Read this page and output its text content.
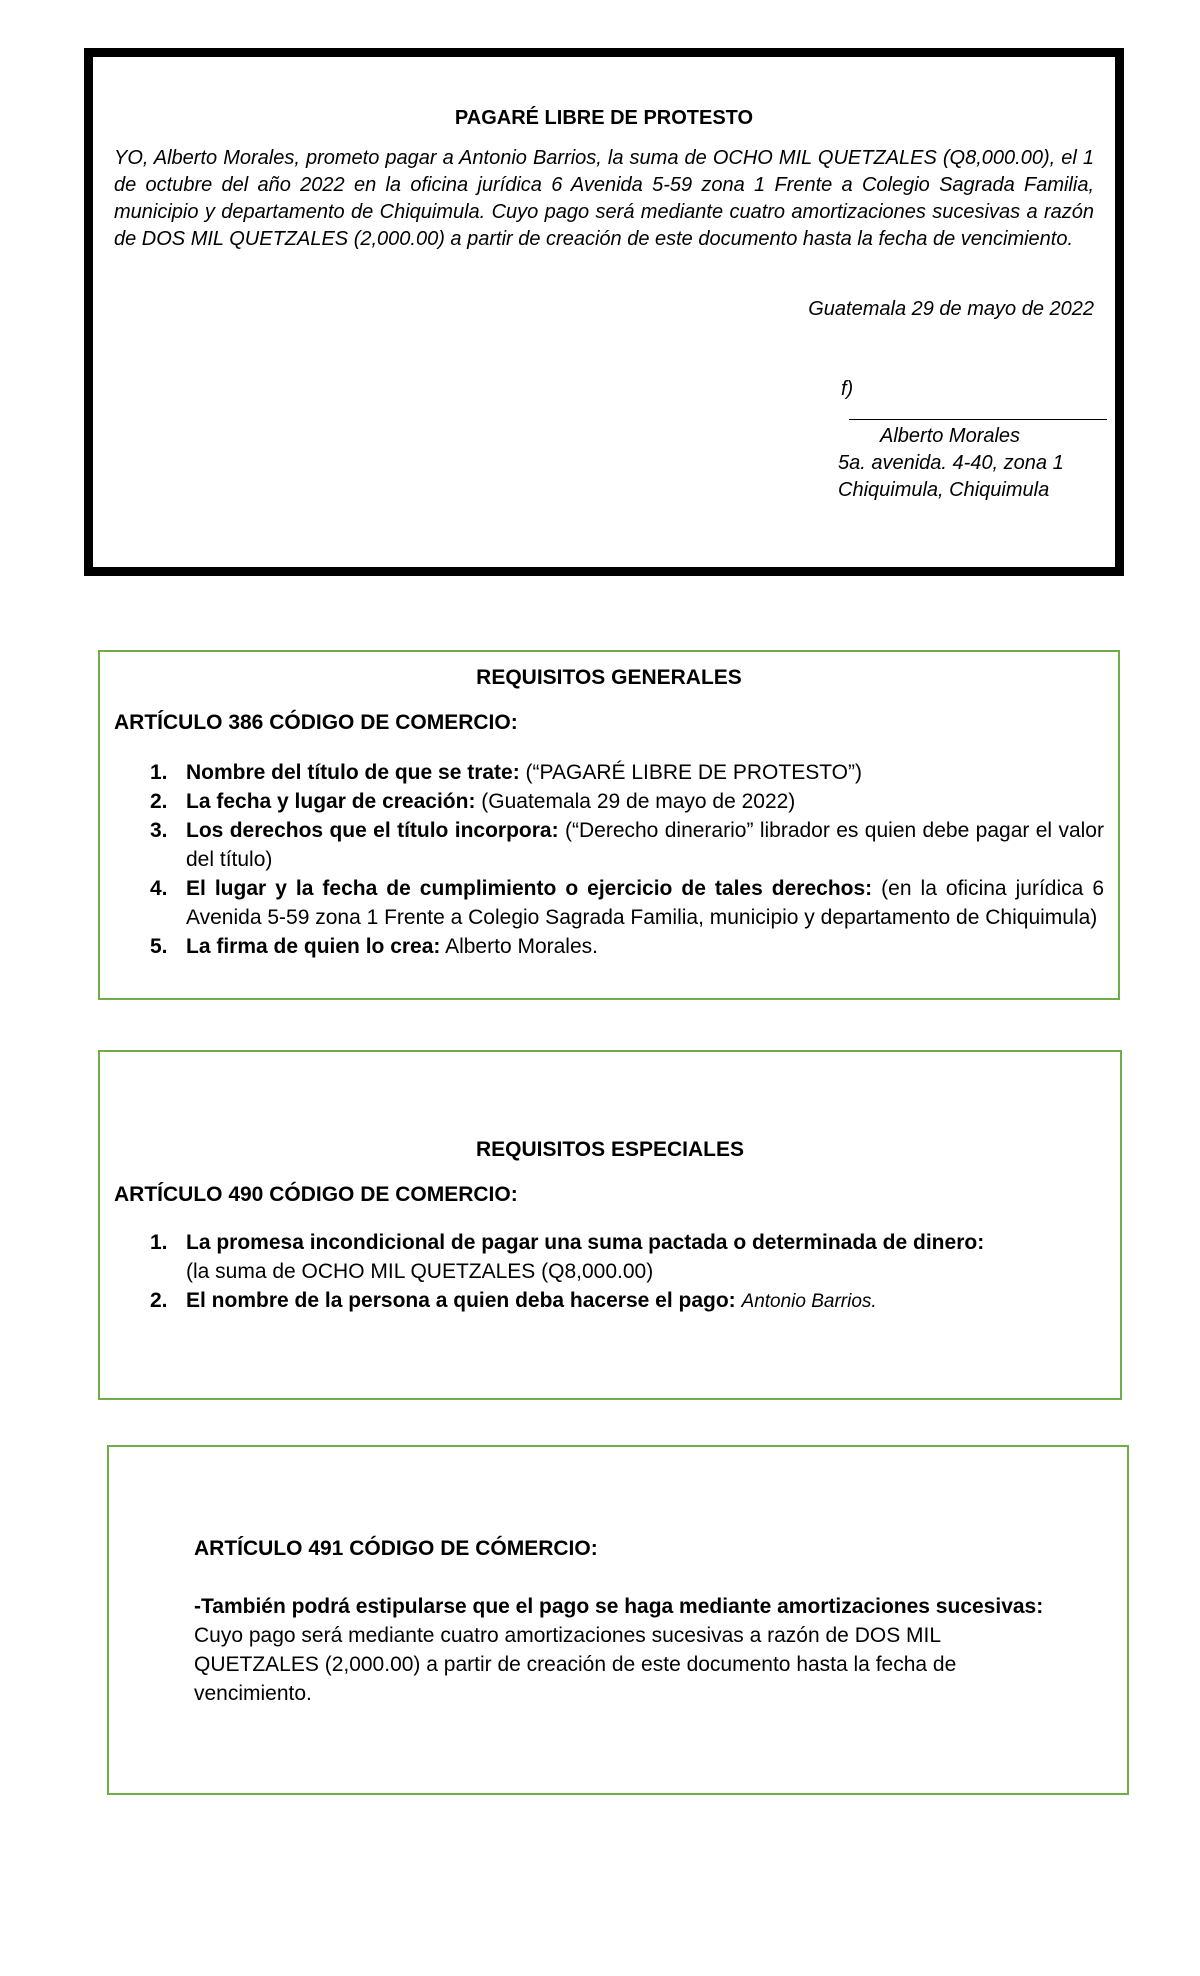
PAGARÉ LIBRE DE PROTESTO

YO, Alberto Morales, prometo pagar a Antonio Barrios, la suma de OCHO MIL QUETZALES (Q8,000.00), el 1 de octubre del año 2022 en la oficina jurídica 6 Avenida 5-59 zona 1 Frente a Colegio Sagrada Familia, municipio y departamento de Chiquimula. Cuyo pago será mediante cuatro amortizaciones sucesivas a razón de DOS MIL QUETZALES (2,000.00) a partir de creación de este documento hasta la fecha de vencimiento.

Guatemala 29 de mayo de 2022
f)
Alberto Morales
5a. avenida. 4-40, zona 1
Chiquimula, Chiquimula
REQUISITOS GENERALES
ARTÍCULO 386 CÓDIGO DE COMERCIO:
1. Nombre del título de que se trate: (“PAGARÉ LIBRE DE PROTESTO”)
2. La fecha y lugar de creación: (Guatemala 29 de mayo de 2022)
3. Los derechos que el título incorpora: (“Derecho dinerario” librador es quien debe pagar el valor del título)
4. El lugar y la fecha de cumplimiento o ejercicio de tales derechos: (en la oficina jurídica 6 Avenida 5-59 zona 1 Frente a Colegio Sagrada Familia, municipio y departamento de Chiquimula)
5. La firma de quien lo crea: Alberto Morales.
REQUISITOS ESPECIALES
ARTÍCULO 490 CÓDIGO DE COMERCIO:
1. La promesa incondicional de pagar una suma pactada o determinada de dinero:
(la suma de OCHO MIL QUETZALES (Q8,000.00)
2. El nombre de la persona a quien deba hacerse el pago: Antonio Barrios.
ARTÍCULO 491 CÓDIGO DE CÓMERCIO:

-También podrá estipularse que el pago se haga mediante amortizaciones sucesivas: Cuyo pago será mediante cuatro amortizaciones sucesivas a razón de DOS MIL QUETZALES (2,000.00) a partir de creación de este documento hasta la fecha de vencimiento.
